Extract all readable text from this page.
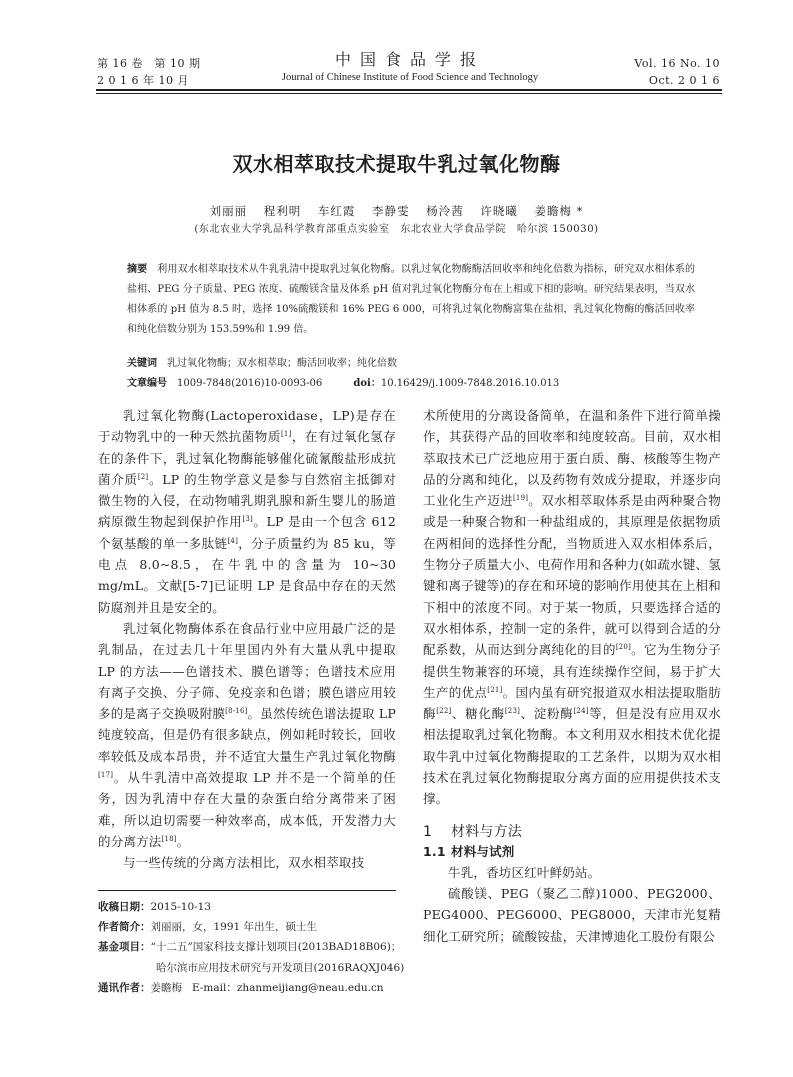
第 16 卷　第 10 期
2 0 1 6 年 10 月
中国食品学报
Journal of Chinese Institute of Food Science and Technology
Vol. 16 No. 10
Oct. 2 0 1 6
双水相萃取技术提取牛乳过氧化物酶
刘丽丽 程利明 车红霞 李静雯 杨泠茜 许晓曦 姜瞻梅 *
(东北农业大学乳品科学教育部重点实验室　东北农业大学食品学院　哈尔滨 150030)
摘要 利用双水相萃取技术从牛乳乳清中提取乳过氧化物酶。以乳过氧化物酶酶活回收率和纯化倍数为指标，研究双水相体系的盐相、PEG 分子质量、PEG 浓度、硫酸镁含量及体系 pH 值对乳过氧化物酶分布在上相或下相的影响。研究结果表明，当双水相体系的 pH 值为 8.5 时，选择 10%硫酸镁和 16% PEG 6 000，可将乳过氧化物酶富集在盐相，乳过氧化物酶的酶活回收率和纯化倍数分别为 153.59%和 1.99 倍。
关键词 乳过氧化物酶；双水相萃取；酶活回收率；纯化倍数
文章编号 1009-7848(2016)10-0093-06	doi：10.16429/j.1009-7848.2016.10.013

乳过氧化物酶(Lactoperoxidase，LP)是存在于动物乳中的一种天然抗菌物质[1]，在有过氧化氢存在的条件下，乳过氧化物酶能够催化硫氰酸盐形成抗菌介质[2]。LP 的生物学意义是参与自然宿主抵御对微生物的入侵，在动物哺乳期乳腺和新生婴儿的肠道病原微生物起到保护作用[3]。LP 是由一个包含 612 个氨基酸的单一多肽链[4]，分子质量约为 85 ku，等电点 8.0~8.5，在牛乳中的含量为 10~30 mg/mL。文献[5-7]已证明 LP 是食品中存在的天然防腐剂并且是安全的。

乳过氧化物酶体系在食品行业中应用最广泛的是乳制品，在过去几十年里国内外有大量从乳中提取 LP 的方法——色谱技术、膜色谱等；色谱技术应用有离子交换、分子筛、免疫亲和色谱；膜色谱应用较多的是离子交换吸附膜[8-16]。虽然传统色谱法提取 LP 纯度较高，但是仍有很多缺点，例如耗时较长，回收率较低及成本昂贵，并不适宜大量生产乳过氧化物酶[17]。从牛乳清中高效提取 LP 并不是一个简单的任务，因为乳清中存在大量的杂蛋白给分离带来了困难，所以迫切需要一种效率高，成本低，开发潜力大的分离方法[18]。

与一些传统的分离方法相比，双水相萃取技

收稿日期：2015-10-13
作者简介：刘丽丽，女，1991 年出生，硕士生
基金项目：“十二五”国家科技支撑计划项目(2013BAD18B06)；
哈尔滨市应用技术研究与开发项目(2016RAQXJ046)
通讯作者：姜瞻梅 E-mail：zhanmeijiang@neau.edu.cn

术所使用的分离设备简单，在温和条件下进行简单操作，其获得产品的回收率和纯度较高。目前，双水相萃取技术已广泛地应用于蛋白质、酶、核酸等生物产品的分离和纯化，以及药物有效成分提取，并逐步向工业化生产迈进[19]。双水相萃取体系是由两种聚合物或是一种聚合物和一种盐组成的，其原理是依据物质在两相间的选择性分配，当物质进入双水相体系后，生物分子质量大小、电荷作用和各种力(如疏水键、氢键和离子键等)的存在和环境的影响作用使其在上相和下相中的浓度不同。对于某一物质，只要选择合适的双水相体系，控制一定的条件，就可以得到合适的分配系数，从而达到分离纯化的目的[20]。它为生物分子提供生物兼容的环境，具有连续操作空间，易于扩大生产的优点[21]。国内虽有研究报道双水相法提取脂肪酶[22]、糖化酶[23]、淀粉酶[24]等，但是没有应用双水相法提取乳过氧化物酶。本文利用双水相技术优化提取牛乳中过氧化物酶提取的工艺条件，以期为双水相技术在乳过氧化物酶提取分离方面的应用提供技术支撑。

1 材料与方法
1.1 材料与试剂

牛乳，香坊区红叶鲜奶站。

硫酸镁、PEG（聚乙二醇)1000、PEG2000、PEG4000、PEG6000、PEG8000，天津市光复精细化工研究所；硫酸铵盐，天津博迪化工股份有限公
